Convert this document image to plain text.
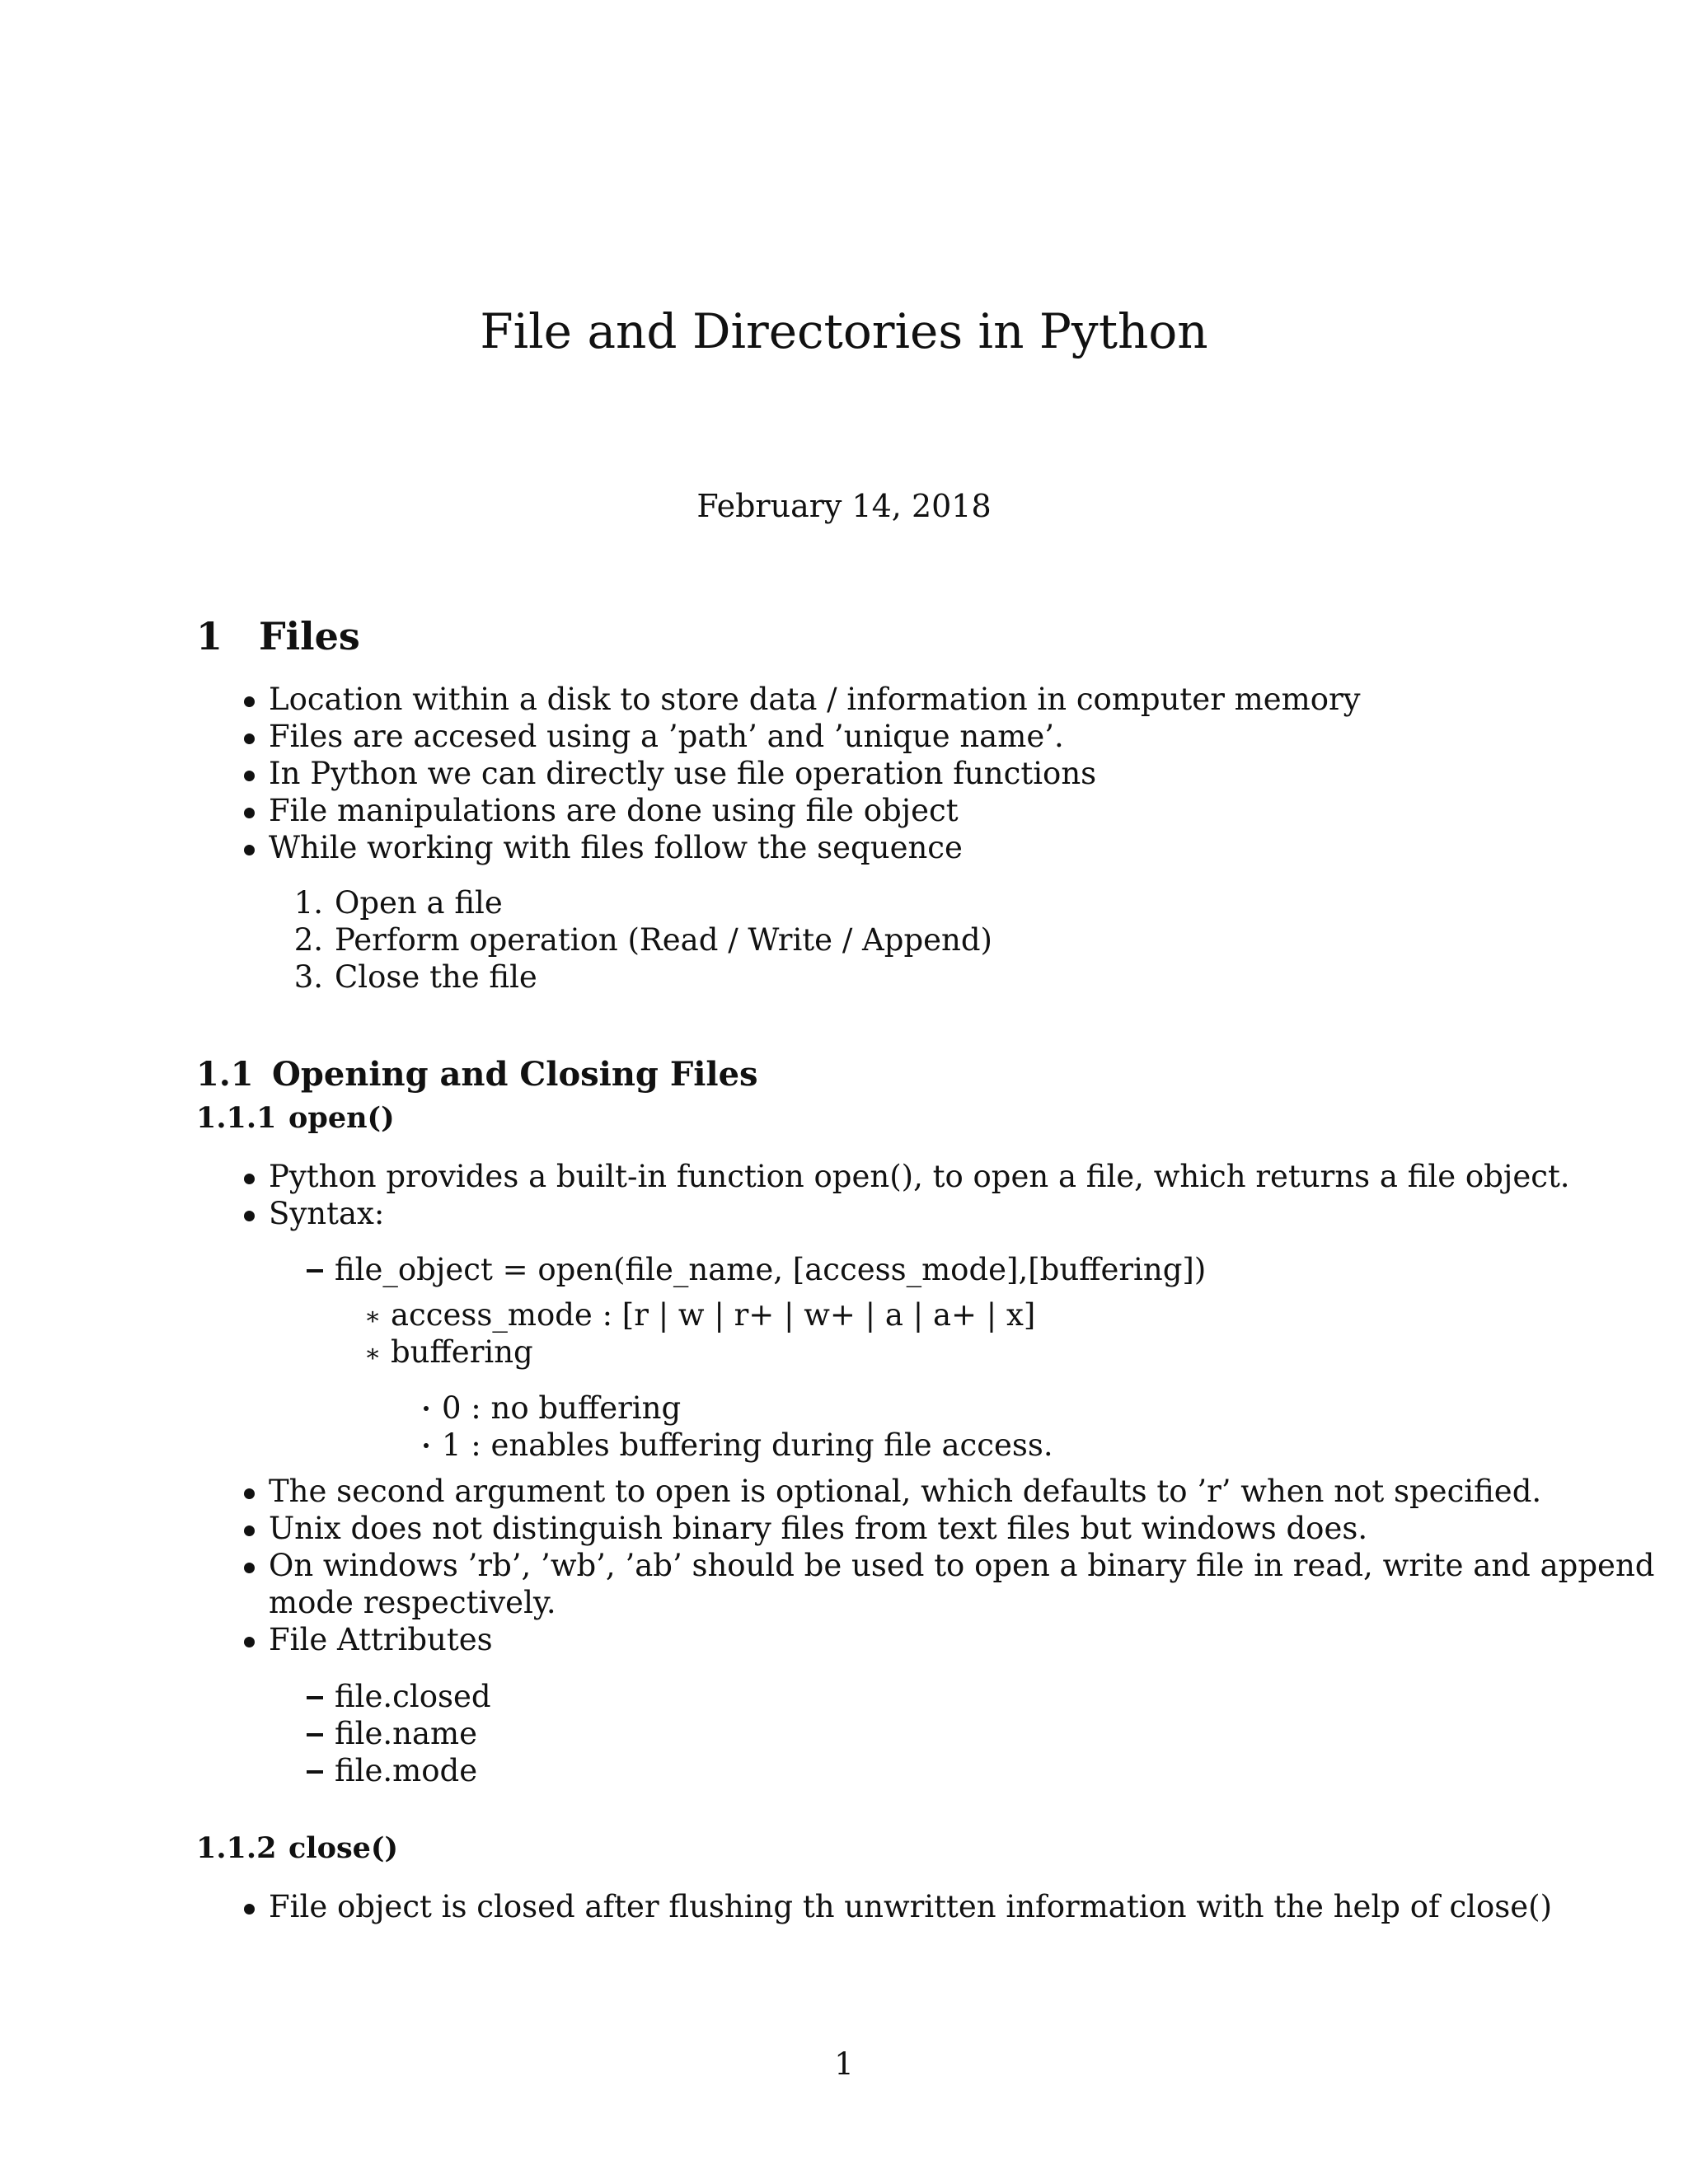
File and Directories in Python
February 14, 2018
1 Files
Location within a disk to store data / information in computer memory
Files are accesed using a ’path’ and ’unique name’.
In Python we can directly use file operation functions
File manipulations are done using file object
While working with files follow the sequence
1. Open a file
2. Perform operation (Read / Write / Append)
3. Close the file
1.1 Opening and Closing Files
1.1.1 open()
Python provides a built-in function open(), to open a file, which returns a file object.
Syntax:
file_object = open(file_name, [access_mode],[buffering])
∗ access_mode : [r | w | r+ | w+ | a | a+ | x]
∗ buffering
0 : no buffering
1 : enables buffering during file access.
The second argument to open is optional, which defaults to ’r’ when not specified.
Unix does not distinguish binary files from text files but windows does.
On windows ’rb’, ’wb’, ’ab’ should be used to open a binary file in read, write and append
mode respectively.
File Attributes
file.closed
file.name
file.mode
1.1.2 close()
File object is closed after flushing th unwritten information with the help of close()
1
